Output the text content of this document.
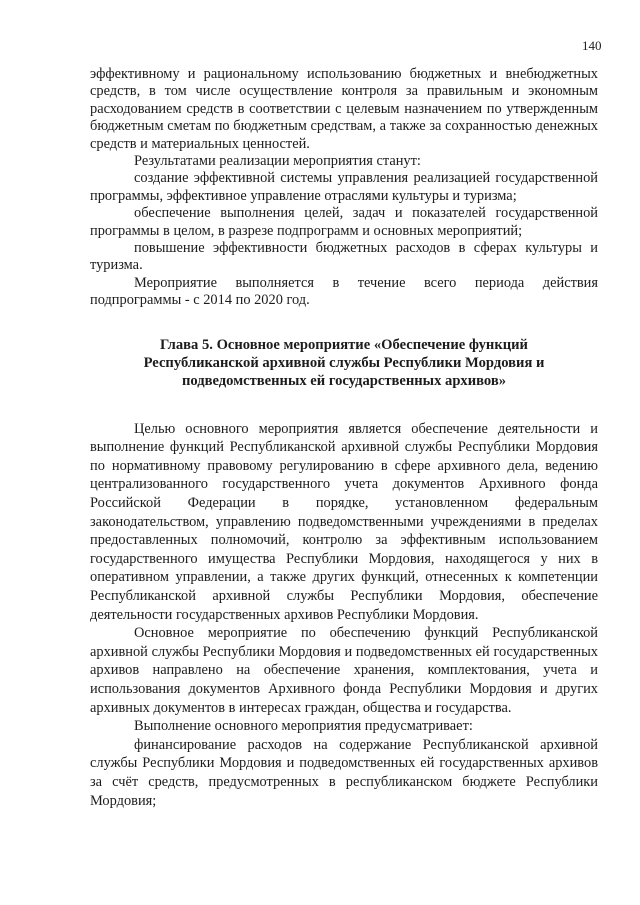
140

эффективному и рациональному использованию бюджетных и внебюджетных средств, в том числе осуществление контроля за правильным и экономным расходованием средств в соответствии с целевым назначением по утвержденным бюджетным сметам по бюджетным средствам, а также за сохранностью денежных средств и материальных ценностей.

Результатами реализации мероприятия станут:

создание эффективной системы управления реализацией государственной программы, эффективное управление отраслями культуры и туризма;

обеспечение выполнения целей, задач и показателей государственной программы в целом, в разрезе подпрограмм и основных мероприятий;

повышение эффективности бюджетных расходов в сферах культуры и туризма.

Мероприятие выполняется в течение всего периода действия подпрограммы - с 2014 по 2020 год.

Глава 5. Основное мероприятие «Обеспечение функций Республиканской архивной службы Республики Мордовия и подведомственных ей государственных архивов»

Целью основного мероприятия является обеспечение деятельности и выполнение функций Республиканской архивной службы Республики Мордовия по нормативному правовому регулированию в сфере архивного дела, ведению централизованного государственного учета документов Архивного фонда Российской Федерации в порядке, установленном федеральным законодательством, управлению подведомственными учреждениями в пределах предоставленных полномочий, контролю за эффективным использованием государственного имущества Республики Мордовия, находящегося у них в оперативном управлении, а также других функций, отнесенных к компетенции Республиканской архивной службы Республики Мордовия, обеспечение деятельности государственных архивов Республики Мордовия.

Основное мероприятие по обеспечению функций Республиканской архивной службы Республики Мордовия и подведомственных ей государственных архивов направлено на обеспечение хранения, комплектования, учета и использования документов Архивного фонда Республики Мордовия и других архивных документов в интересах граждан, общества и государства.

Выполнение основного мероприятия предусматривает:

финансирование расходов на содержание Республиканской архивной службы Республики Мордовия и подведомственных ей государственных архивов за счёт средств, предусмотренных в республиканском бюджете Республики Мордовия;
